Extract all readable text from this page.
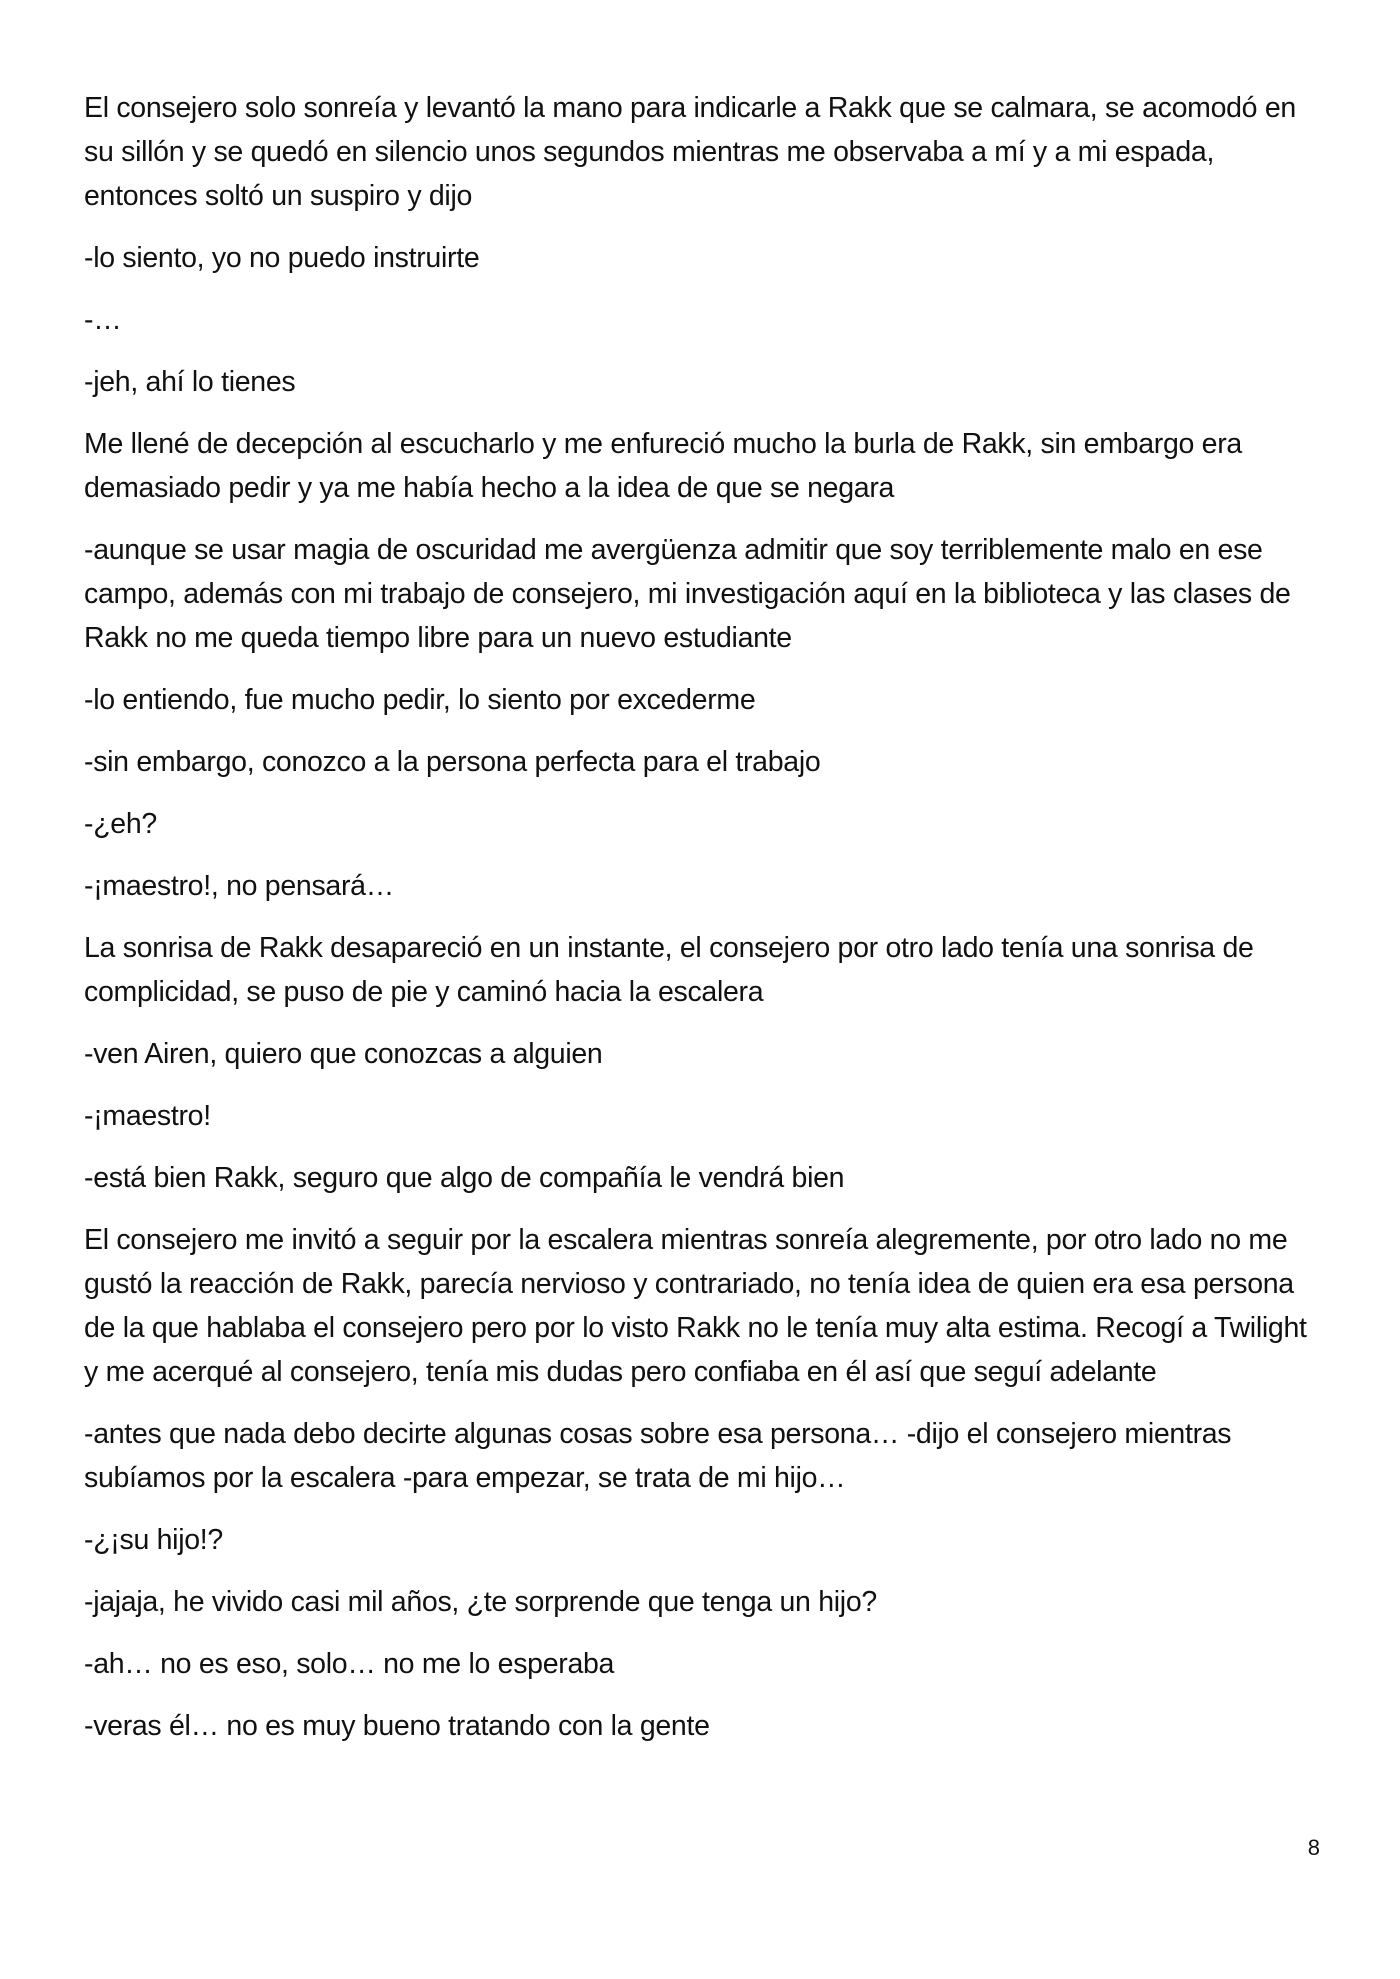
El consejero solo sonreía y levantó la mano para indicarle a Rakk que se calmara, se acomodó en su sillón y se quedó en silencio unos segundos mientras me observaba a mí y a mi espada, entonces soltó un suspiro y dijo

-lo siento, yo no puedo instruirte

-…

-jeh, ahí lo tienes

Me llené de decepción al escucharlo y me enfureció mucho la burla de Rakk, sin embargo era demasiado pedir y ya me había hecho a la idea de que se negara

-aunque se usar magia de oscuridad me avergüenza admitir que soy terriblemente malo en ese campo, además con mi trabajo de consejero, mi investigación aquí en la biblioteca y las clases de Rakk no me queda tiempo libre para un nuevo estudiante

-lo entiendo, fue mucho pedir, lo siento por excederme

-sin embargo, conozco a la persona perfecta para el trabajo

-¿eh?

-¡maestro!, no pensará…

La sonrisa de Rakk desapareció en un instante, el consejero por otro lado tenía una sonrisa de complicidad, se puso de pie y caminó hacia la escalera

-ven Airen, quiero que conozcas a alguien

-¡maestro!

-está bien Rakk, seguro que algo de compañía le vendrá bien

El consejero me invitó a seguir por la escalera mientras sonreía alegremente, por otro lado no me gustó la reacción de Rakk, parecía nervioso y contrariado, no tenía idea de quien era esa persona de la que hablaba el consejero pero por lo visto Rakk no le tenía muy alta estima. Recogí a Twilight y me acerqué al consejero, tenía mis dudas pero confiaba en él así que seguí adelante

-antes que nada debo decirte algunas cosas sobre esa persona… -dijo el consejero mientras subíamos por la escalera -para empezar, se trata de mi hijo…

-¿¡su hijo!?

-jajaja, he vivido casi mil años, ¿te sorprende que tenga un hijo?

-ah… no es eso, solo… no me lo esperaba

-veras él… no es muy bueno tratando con la gente

8
